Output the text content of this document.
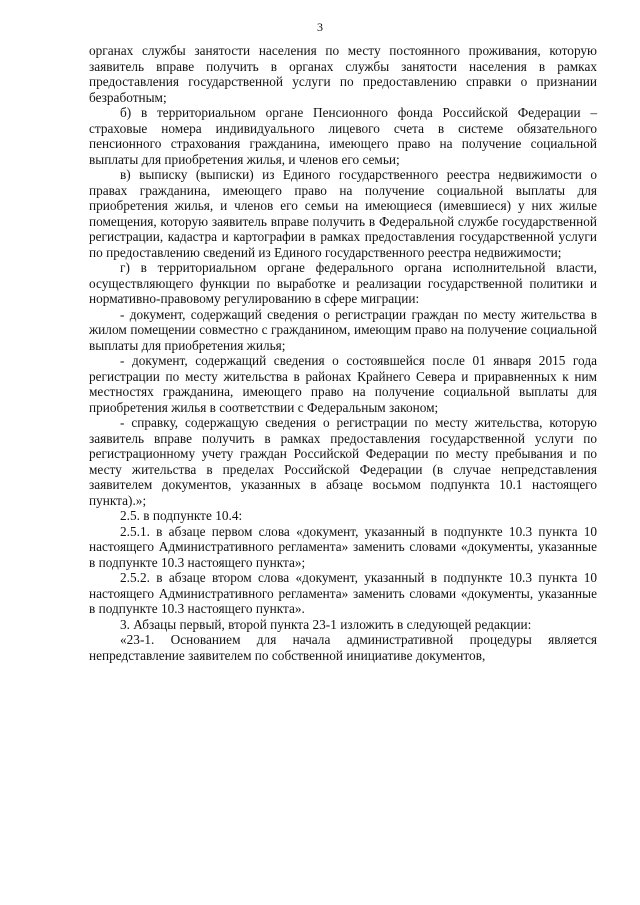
3

органах службы занятости населения по месту постоянного проживания, которую заявитель вправе получить в органах службы занятости населения в рамках предоставления государственной услуги по предоставлению справки о признании безработным;

б) в территориальном органе Пенсионного фонда Российской Федерации – страховые номера индивидуального лицевого счета в системе обязательного пенсионного страхования гражданина, имеющего право на получение социальной выплаты для приобретения жилья, и членов его семьи;

в) выписку (выписки) из Единого государственного реестра недвижимости о правах гражданина, имеющего право на получение социальной выплаты для приобретения жилья, и членов его семьи на имеющиеся (имевшиеся) у них жилые помещения, которую заявитель вправе получить в Федеральной службе государственной регистрации, кадастра и картографии в рамках предоставления государственной услуги по предоставлению сведений из Единого государственного реестра недвижимости;

г) в территориальном органе федерального органа исполнительной власти, осуществляющего функции по выработке и реализации государственной политики и нормативно-правовому регулированию в сфере миграции:

- документ, содержащий сведения о регистрации граждан по месту жительства в жилом помещении совместно с гражданином, имеющим право на получение социальной выплаты для приобретения жилья;

- документ, содержащий сведения о состоявшейся после 01 января 2015 года регистрации по месту жительства в районах Крайнего Севера и приравненных к ним местностях гражданина, имеющего право на получение социальной выплаты для приобретения жилья в соответствии с Федеральным законом;

- справку, содержащую сведения о регистрации по месту жительства, которую заявитель вправе получить в рамках предоставления государственной услуги по регистрационному учету граждан Российской Федерации по месту пребывания и по месту жительства в пределах Российской Федерации (в случае непредставления заявителем документов, указанных в абзаце восьмом подпункта 10.1 настоящего пункта).»;

2.5. в подпункте 10.4:

2.5.1. в абзаце первом слова «документ, указанный в подпункте 10.3 пункта 10 настоящего Административного регламента» заменить словами «документы, указанные в подпункте 10.3 настоящего пункта»;

2.5.2. в абзаце втором слова «документ, указанный в подпункте 10.3 пункта 10 настоящего Административного регламента» заменить словами «документы, указанные в подпункте 10.3 настоящего пункта».

3. Абзацы первый, второй пункта 23-1 изложить в следующей редакции:

«23-1. Основанием для начала административной процедуры является непредставление заявителем по собственной инициативе документов,
